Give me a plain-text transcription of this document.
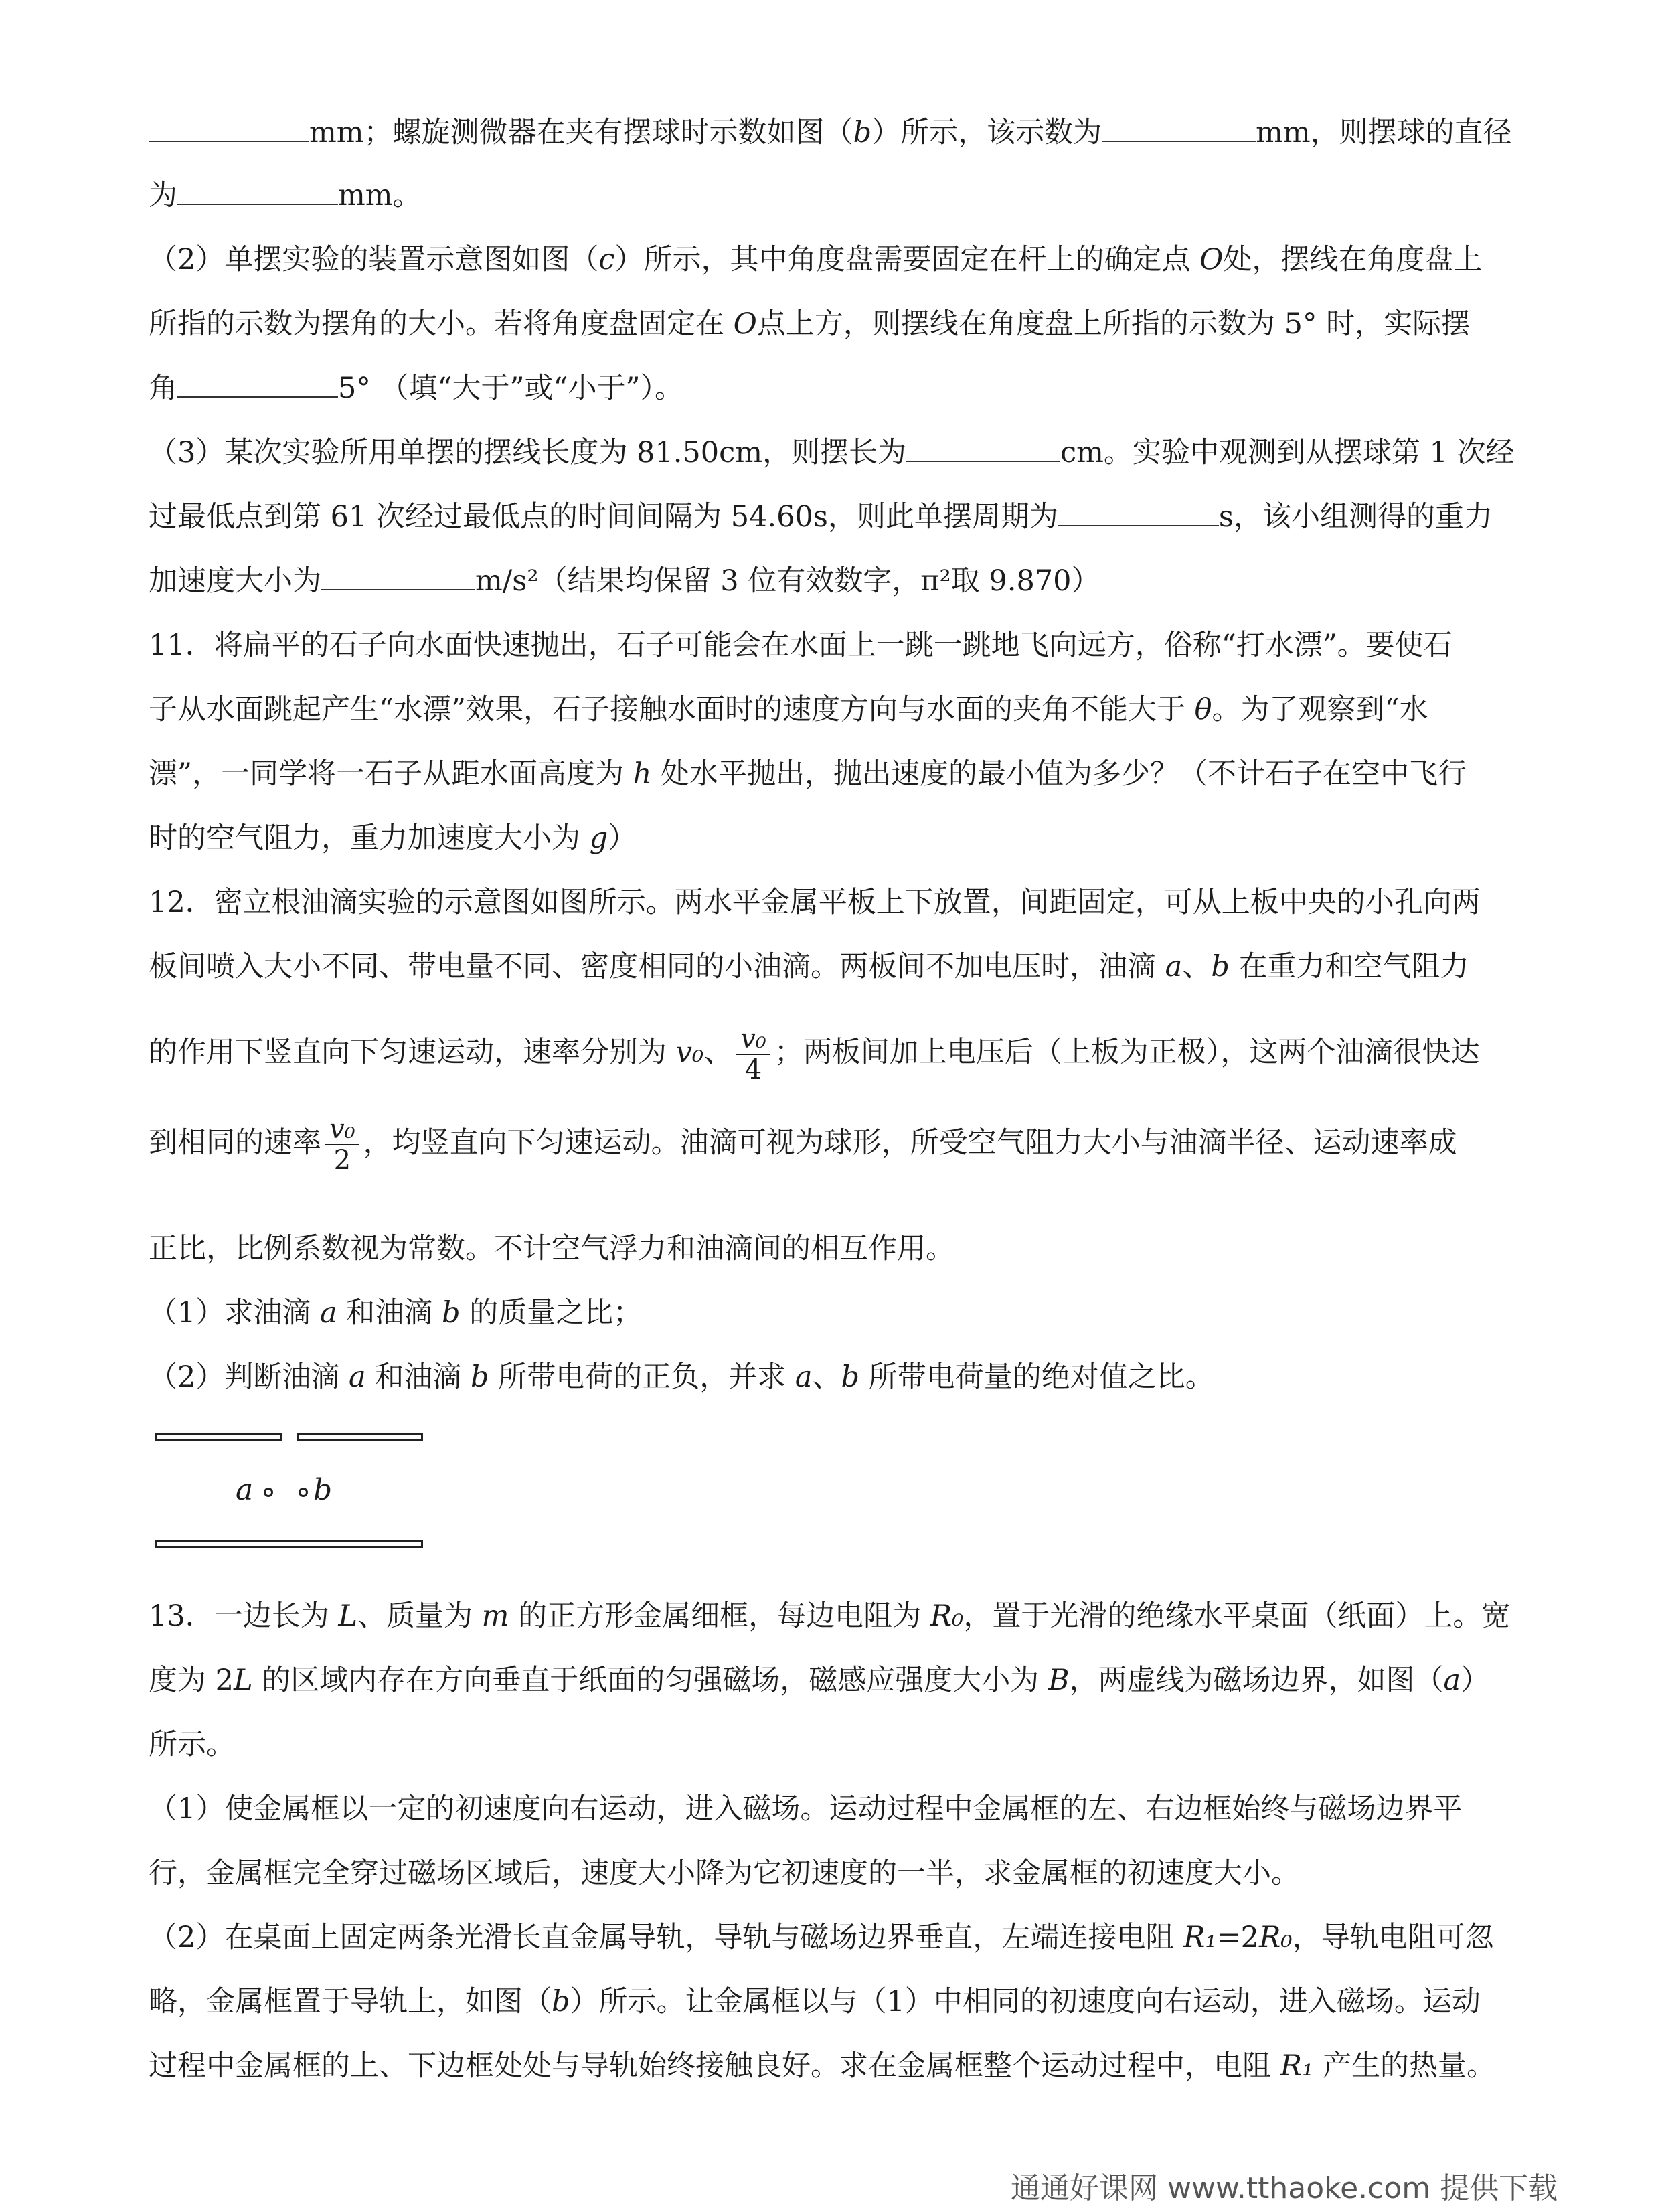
mm；螺旋测微器在夹有摆球时示数如图（b）所示，该示数为	mm，则摆球的直径
为	mm。
（2）单摆实验的装置示意图如图（c）所示，其中角度盘需要固定在杆上的确定点 O处，摆线在角度盘上
所指的示数为摆角的大小。若将角度盘固定在 O点上方，则摆线在角度盘上所指的示数为 5° 时，实际摆
角	5° （填“大于”或“小于”）。
（3）某次实验所用单摆的摆线长度为 81.50cm，则摆长为	cm。实验中观测到从摆球第 1 次经
过最低点到第 61 次经过最低点的时间间隔为 54.60s，则此单摆周期为	s，该小组测得的重力
加速度大小为	m/s²（结果均保留 3 位有效数字，π²取 9.870）
11．将扁平的石子向水面快速抛出，石子可能会在水面上一跳一跳地飞向远方，俗称“打水漂”。要使石
子从水面跳起产生“水漂”效果，石子接触水面时的速度方向与水面的夹角不能大于 θ。为了观察到“水
漂”，一同学将一石子从距水面高度为 h 处水平抛出，抛出速度的最小值为多少？（不计石子在空中飞行
时的空气阻力，重力加速度大小为 g）
12．密立根油滴实验的示意图如图所示。两水平金属平板上下放置，间距固定，可从上板中央的小孔向两
板间喷入大小不同、带电量不同、密度相同的小油滴。两板间不加电压时，油滴 a、b 在重力和空气阻力
的作用下竖直向下匀速运动，速率分别为 v₀、 $\frac{\text{v₀}}{4}$ ；两板间加上电压后（上板为正极），这两个油滴很快达
到相同的速率 $\frac{\text{v₀}}{2}$ ，均竖直向下匀速运动。油滴可视为球形，所受空气阻力大小与油滴半径、运动速率成
正比，比例系数视为常数。不计空气浮力和油滴间的相互作用。
（1）求油滴 a 和油滴 b 的质量之比；
（2）判断油滴 a 和油滴 b 所带电荷的正负，并求 a、b 所带电荷量的绝对值之比。
a b
13．一边长为 L、质量为 m 的正方形金属细框，每边电阻为 R₀，置于光滑的绝缘水平桌面（纸面）上。宽
度为 2L 的区域内存在方向垂直于纸面的匀强磁场，磁感应强度大小为 B，两虚线为磁场边界，如图（a）
所示。
（1）使金属框以一定的初速度向右运动，进入磁场。运动过程中金属框的左、右边框始终与磁场边界平
行，金属框完全穿过磁场区域后，速度大小降为它初速度的一半，求金属框的初速度大小。
（2）在桌面上固定两条光滑长直金属导轨，导轨与磁场边界垂直，左端连接电阻 R₁=2R₀，导轨电阻可忽
略，金属框置于导轨上，如图（b）所示。让金属框以与（1）中相同的初速度向右运动，进入磁场。运动
过程中金属框的上、下边框处处与导轨始终接触良好。求在金属框整个运动过程中，电阻 R₁ 产生的热量。
通通好课网 www.tthaoke.com 提供下载
